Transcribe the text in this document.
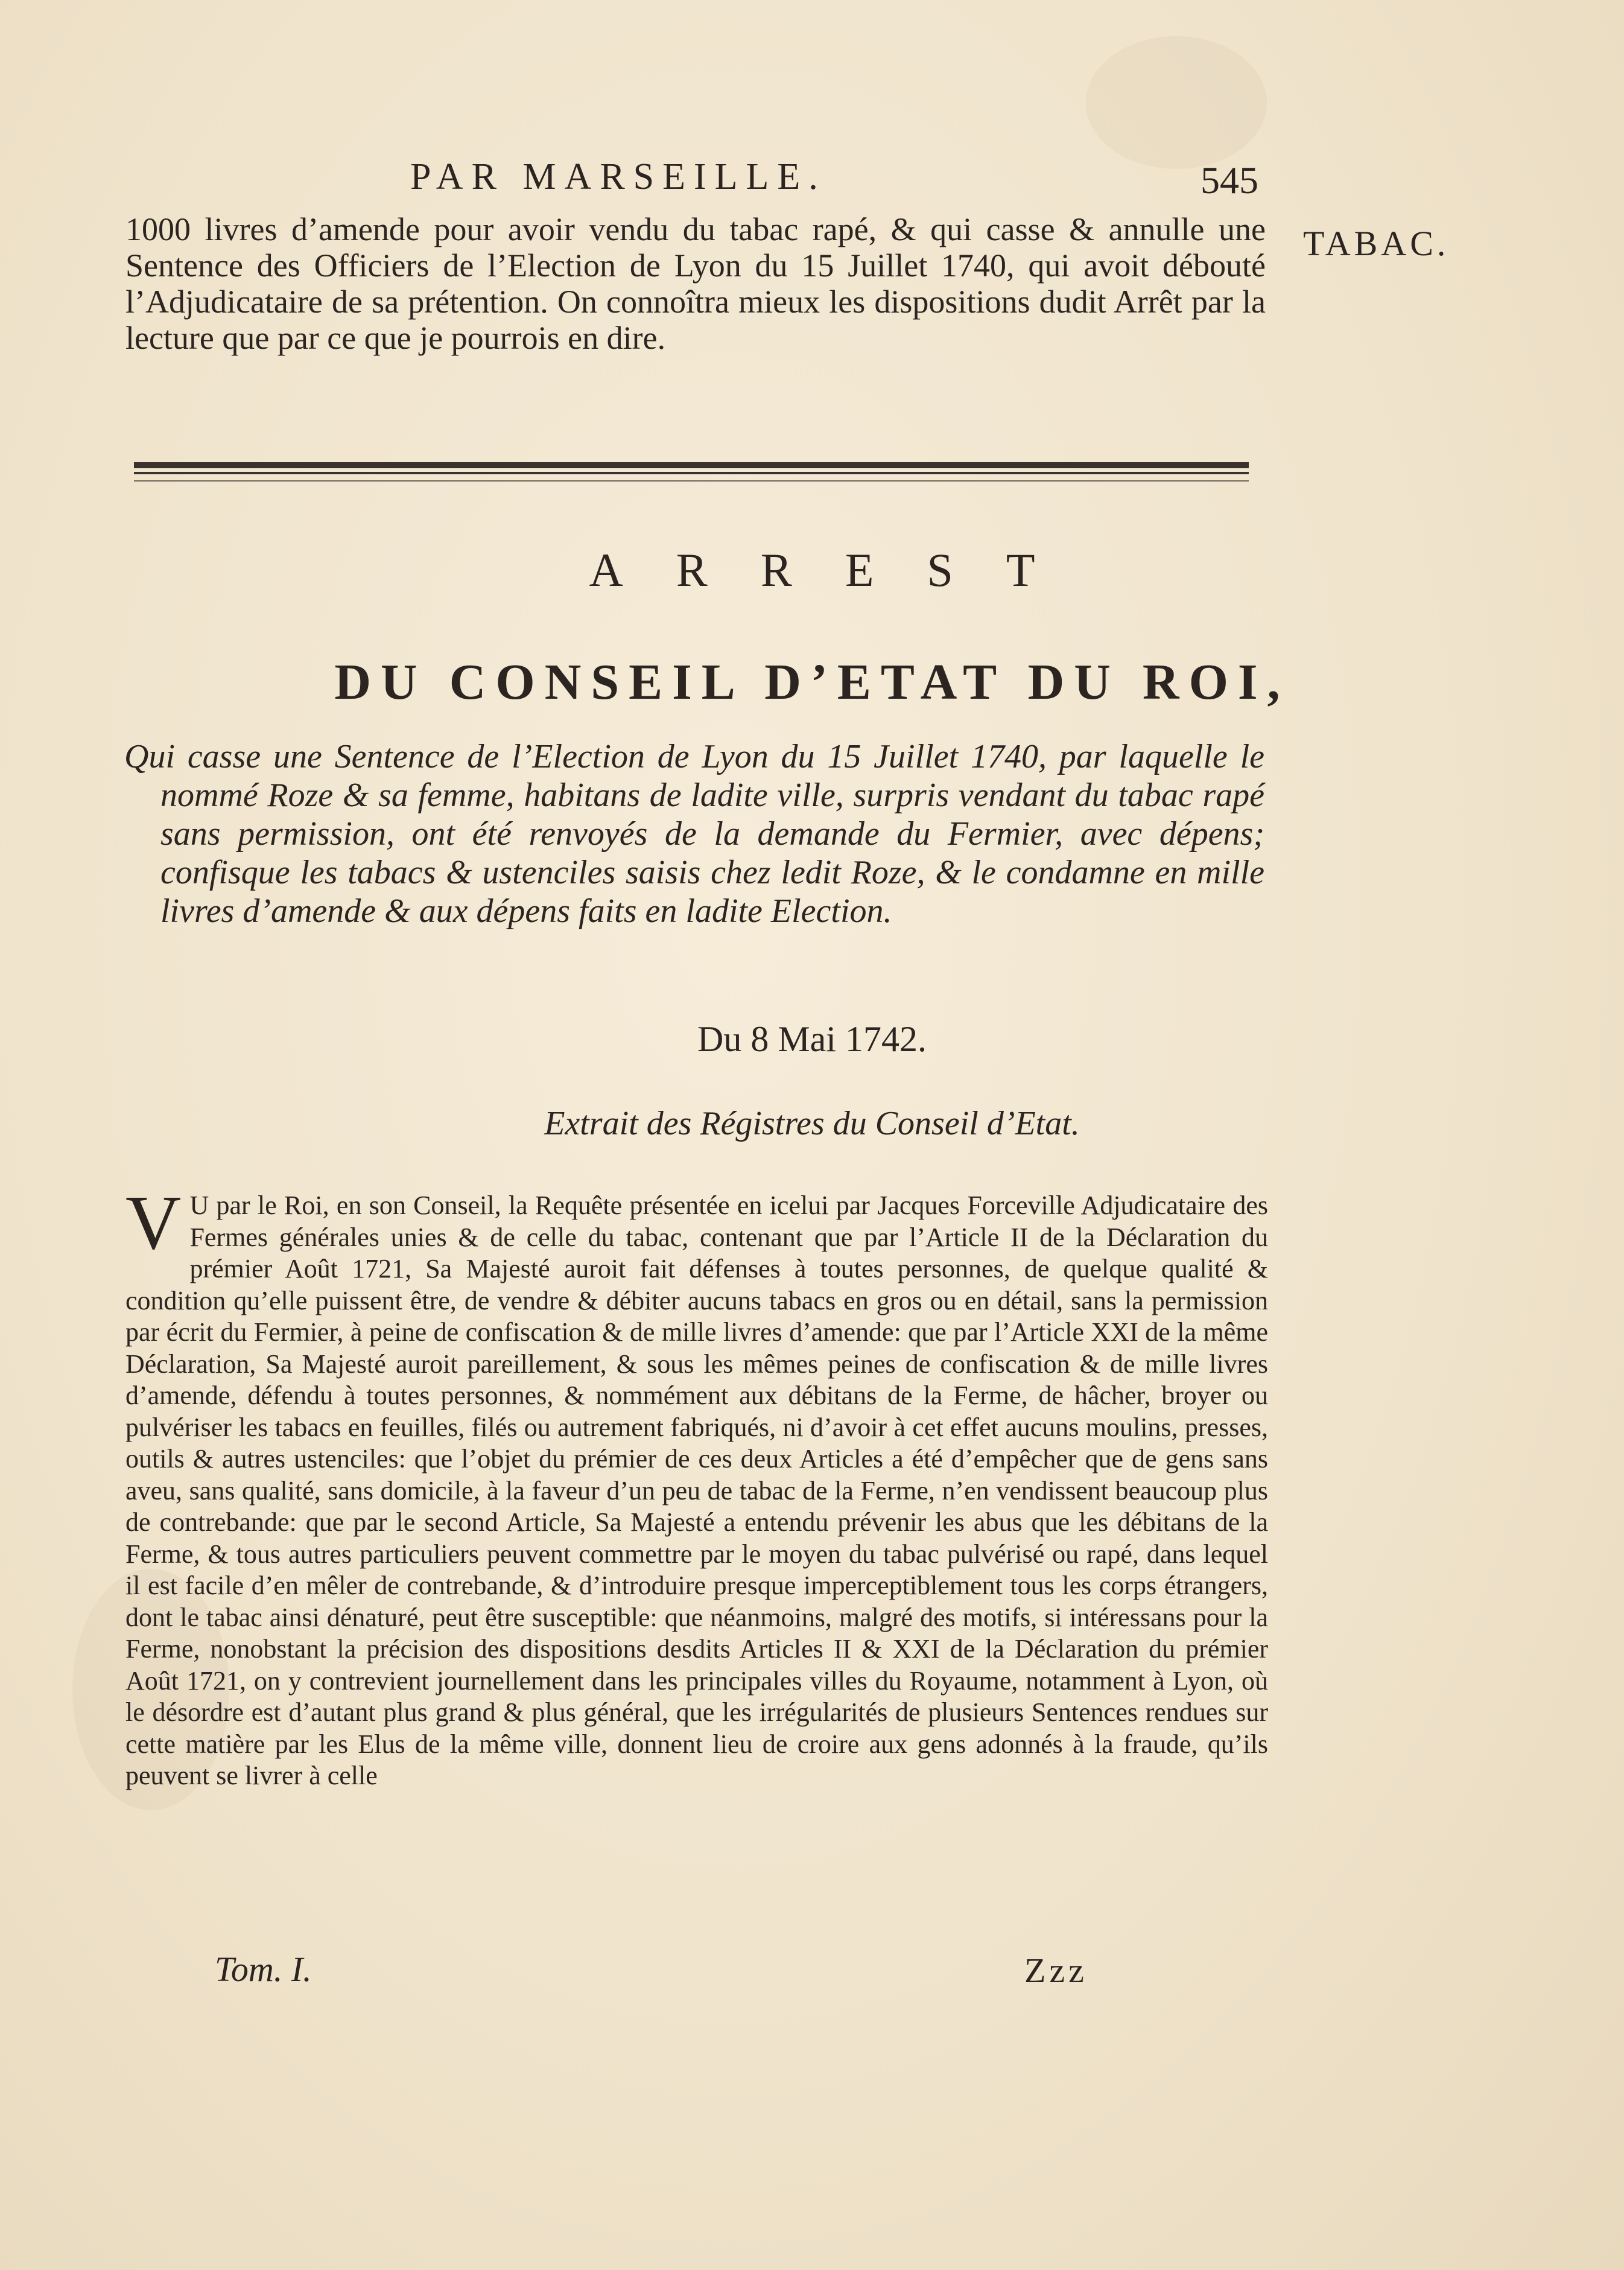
PAR MARSEILLE.	545
TABAC.
1000 livres d’amende pour avoir vendu du tabac rapé, & qui casse & annulle une Sentence des Officiers de l’Election de Lyon du 15 Juillet 1740, qui avoit débouté l’Adjudicataire de sa prétention. On connoîtra mieux les dispositions dudit Arrêt par la lecture que par ce que je pourrois en dire.
ARREST
DU CONSEIL D’ETAT DU ROI,
Qui casse une Sentence de l’Election de Lyon du 15 Juillet 1740, par laquelle le nommé Roze & sa femme, habitans de ladite ville, surpris vendant du tabac rapé sans permission, ont été renvoyés de la demande du Fermier, avec dépens; confisque les tabacs & ustenciles saisis chez ledit Roze, & le condamne en mille livres d’amende & aux dépens faits en ladite Election.
Du 8 Mai 1742.
Extrait des Régistres du Conseil d’Etat.
V U par le Roi, en son Conseil, la Requête présentée en icelui par Jacques Forceville Adjudicataire des Fermes générales unies & de celle du tabac, contenant que par l’Article II de la Déclaration du prémier Août 1721, Sa Majesté auroit fait défenses à toutes personnes, de quelque qualité & condition qu’elle puissent être, de vendre & débiter aucuns tabacs en gros ou en détail, sans la permission par écrit du Fermier, à peine de confiscation & de mille livres d’amende: que par l’Article XXI de la même Déclaration, Sa Majesté auroit pareillement, & sous les mêmes peines de confiscation & de mille livres d’amende, défendu à toutes personnes, & nommément aux débitans de la Ferme, de hâcher, broyer ou pulvériser les tabacs en feuilles, filés ou autrement fabriqués, ni d’avoir à cet effet aucuns moulins, presses, outils & autres ustenciles: que l’objet du prémier de ces deux Articles a été d’empêcher que de gens sans aveu, sans qualité, sans domicile, à la faveur d’un peu de tabac de la Ferme, n’en vendissent beaucoup plus de contrebande: que par le second Article, Sa Majesté a entendu prévenir les abus que les débitans de la Ferme, & tous autres particuliers peuvent commettre par le moyen du tabac pulvérisé ou rapé, dans lequel il est facile d’en mêler de contrebande, & d’introduire presque imperceptiblement tous les corps étrangers, dont le tabac ainsi dénaturé, peut être susceptible: que néanmoins, malgré des motifs, si intéressans pour la Ferme, nonobstant la précision des dispositions desdits Articles II & XXI de la Déclaration du prémier Août 1721, on y contrevient journellement dans les principales villes du Royaume, notamment à Lyon, où le désordre est d’autant plus grand & plus général, que les irrégularités de plusieurs Sentences rendues sur cette matière par les Elus de la même ville, donnent lieu de croire aux gens adonnés à la fraude, qu’ils peuvent se livrer à celle
Tom. I.	Zzz
